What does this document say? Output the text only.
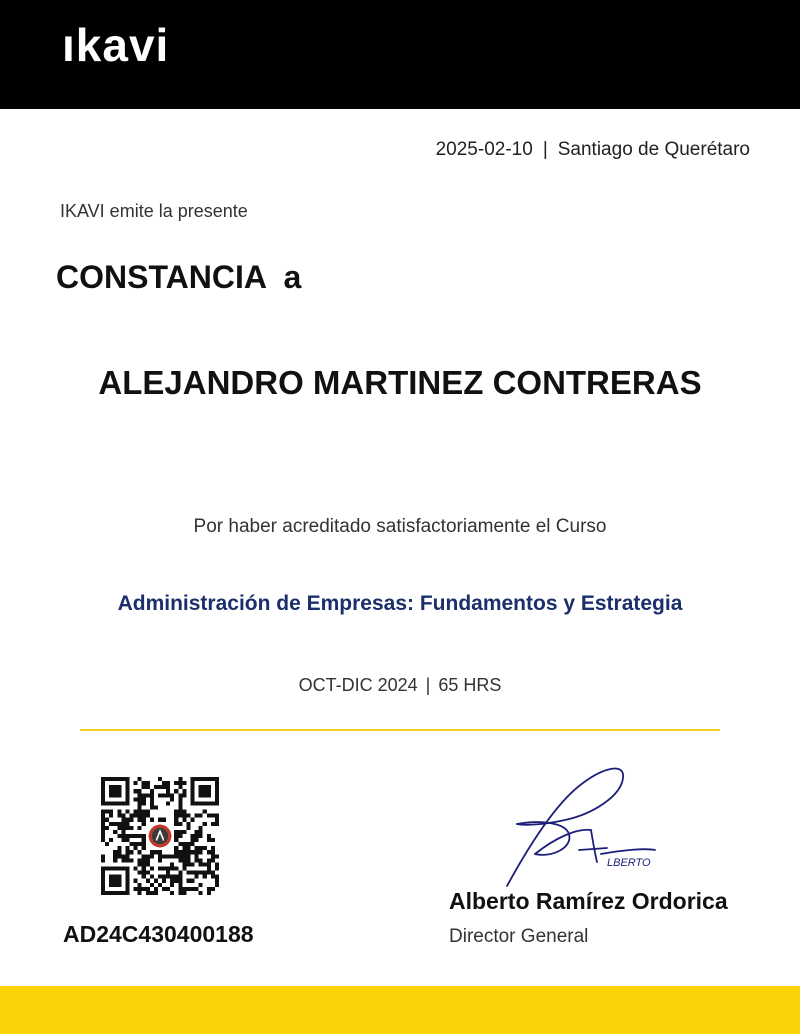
ıkavi
2025-02-10 | Santiago de Querétaro
IKAVI emite la presente
CONSTANCIA a
ALEJANDRO MARTINEZ CONTRERAS
Por haber acreditado satisfactoriamente el Curso
Administración de Empresas: Fundamentos y Estrategia
OCT-DIC 2024 | 65 HRS
AD24C430400188
LBERTO
Alberto Ramírez Ordorica
Director General
